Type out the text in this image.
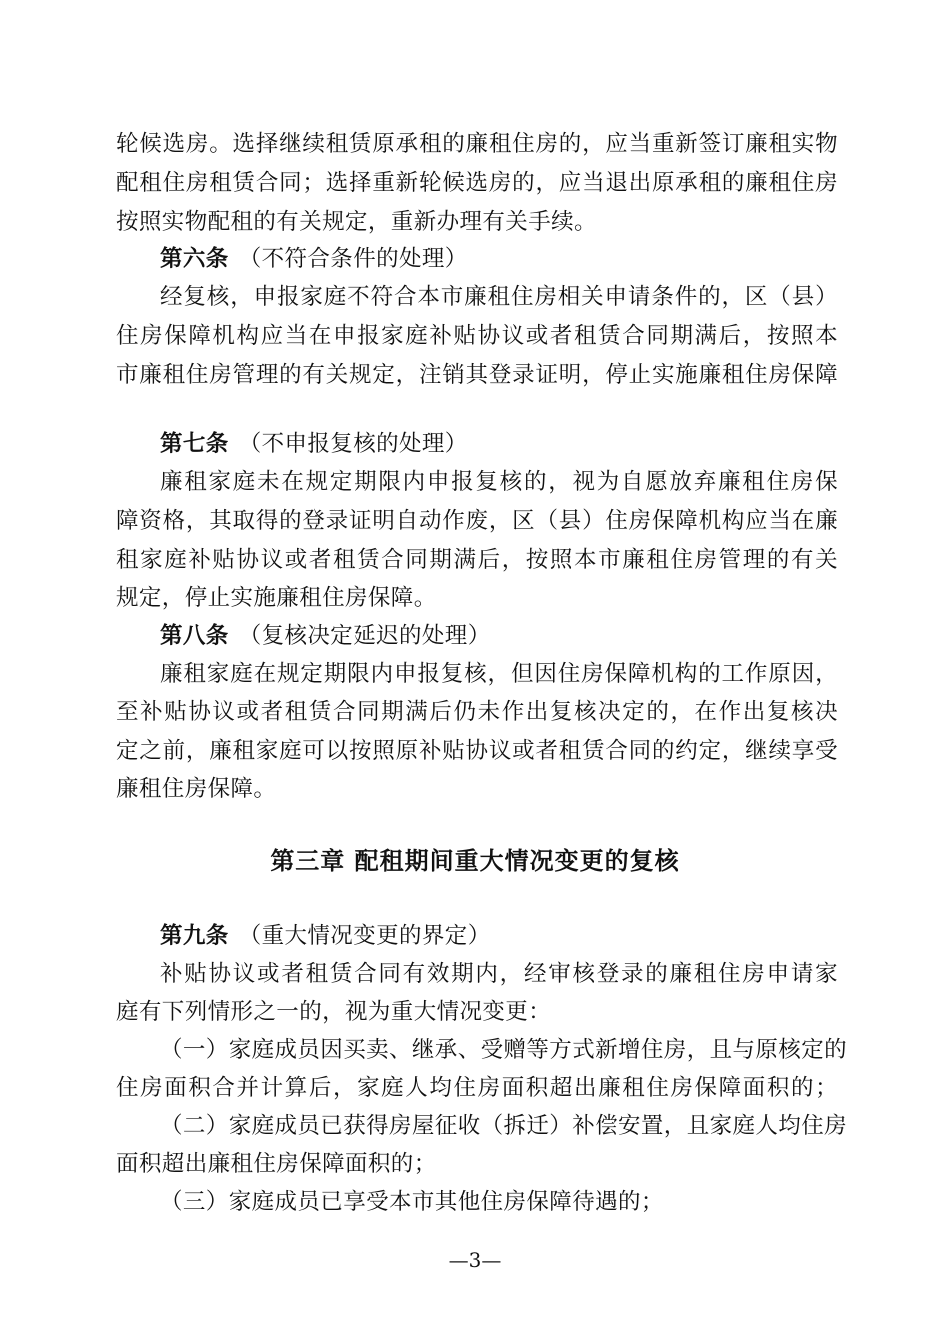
轮候选房。选择继续租赁原承租的廉租住房的，应当重新签订廉租实物
配租住房租赁合同；选择重新轮候选房的，应当退出原承租的廉租住房
按照实物配租的有关规定，重新办理有关手续。
第六条 （不符合条件的处理）
经复核，申报家庭不符合本市廉租住房相关申请条件的，区（县）
住房保障机构应当在申报家庭补贴协议或者租赁合同期满后，按照本
市廉租住房管理的有关规定，注销其登录证明，停止实施廉租住房保障
第七条 （不申报复核的处理）
廉租家庭未在规定期限内申报复核的，视为自愿放弃廉租住房保
障资格，其取得的登录证明自动作废，区（县）住房保障机构应当在廉
租家庭补贴协议或者租赁合同期满后，按照本市廉租住房管理的有关
规定，停止实施廉租住房保障。
第八条 （复核决定延迟的处理）
廉租家庭在规定期限内申报复核，但因住房保障机构的工作原因，
至补贴协议或者租赁合同期满后仍未作出复核决定的，在作出复核决
定之前，廉租家庭可以按照原补贴协议或者租赁合同的约定，继续享受
廉租住房保障。
第三章 配租期间重大情况变更的复核
第九条 （重大情况变更的界定）
补贴协议或者租赁合同有效期内，经审核登录的廉租住房申请家
庭有下列情形之一的，视为重大情况变更：
（一）家庭成员因买卖、继承、受赠等方式新增住房，且与原核定的
住房面积合并计算后，家庭人均住房面积超出廉租住房保障面积的；
（二）家庭成员已获得房屋征收（拆迁）补偿安置，且家庭人均住房
面积超出廉租住房保障面积的；
（三）家庭成员已享受本市其他住房保障待遇的；
—3—
